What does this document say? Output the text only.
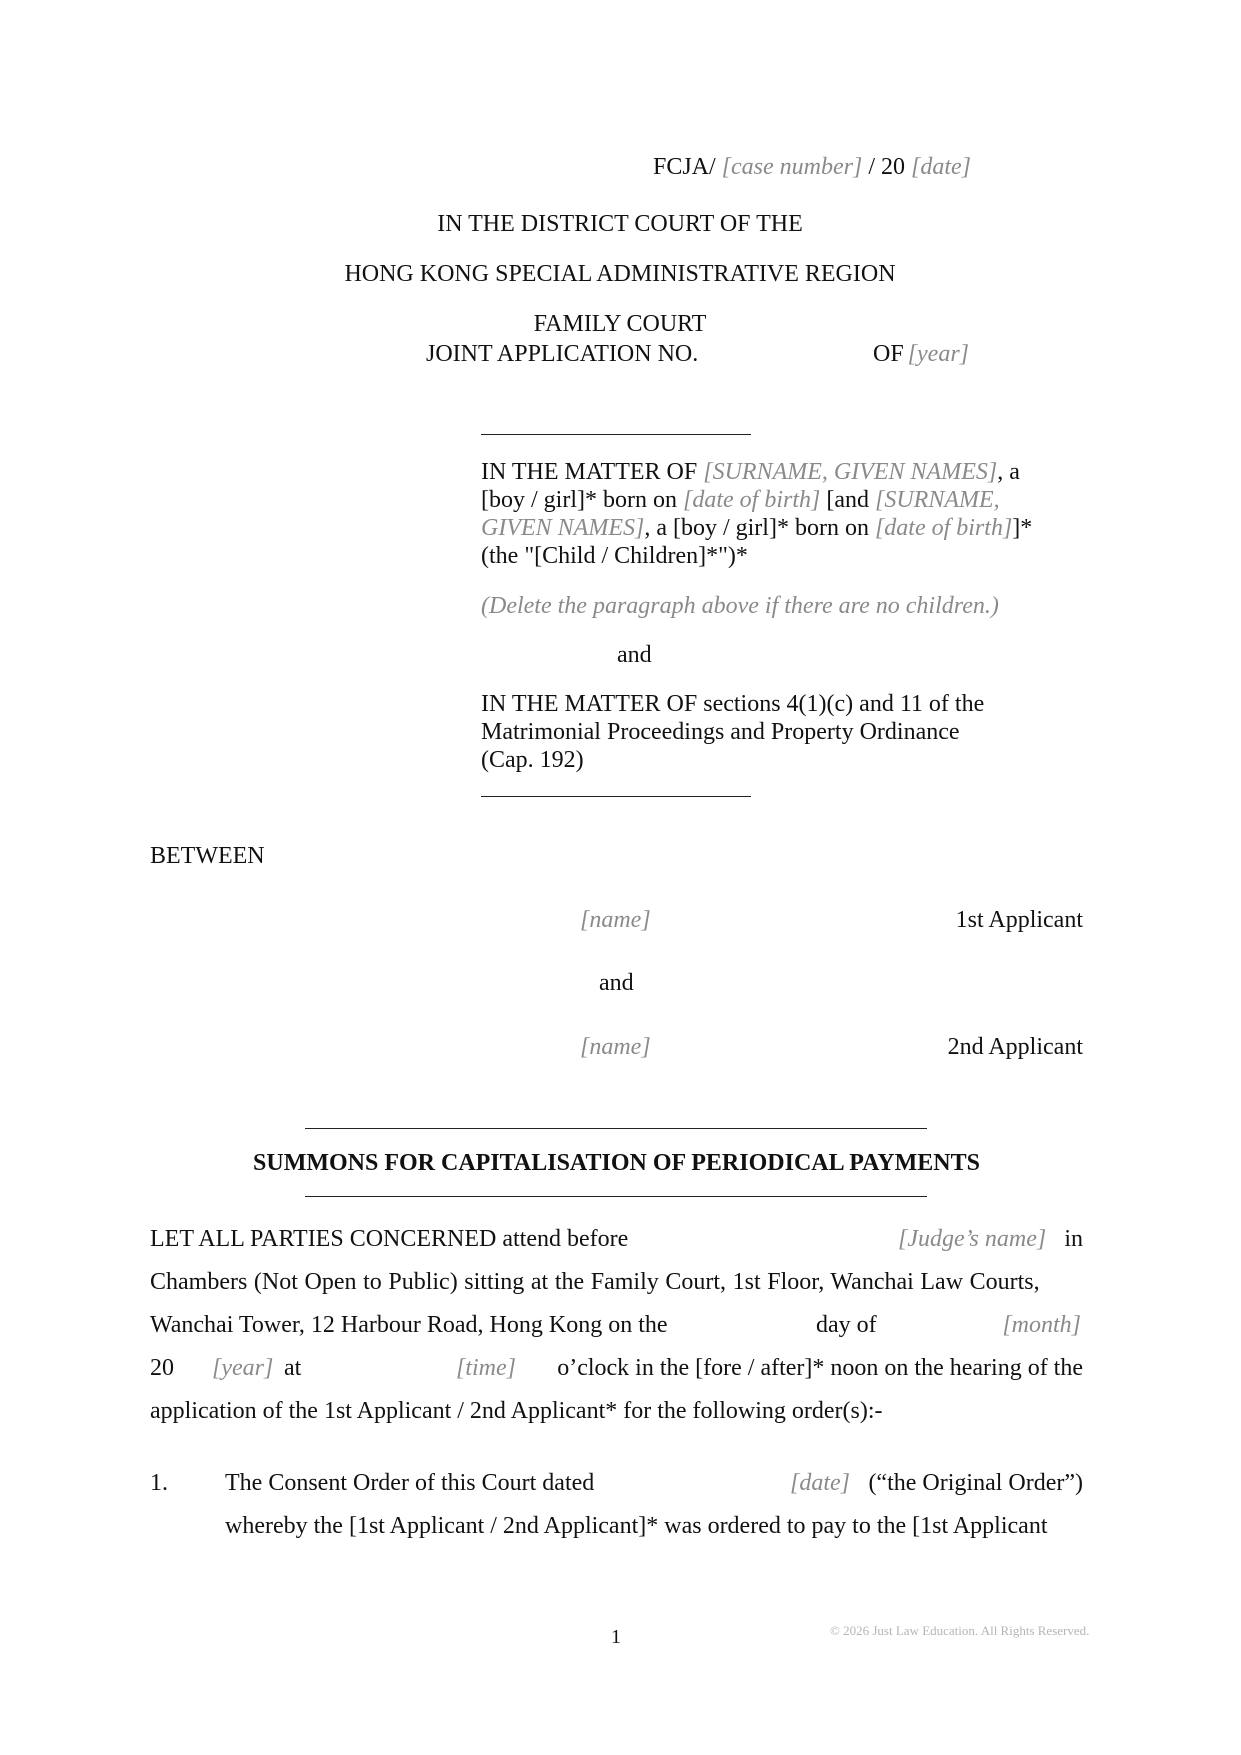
FCJA/ [case number] / 20 [date]
IN THE DISTRICT COURT OF THE
HONG KONG SPECIAL ADMINISTRATIVE REGION
FAMILY COURT
JOINT APPLICATION NO.	OF [year]
IN THE MATTER OF [SURNAME, GIVEN NAMES], a
[boy / girl]* born on [date of birth] [and [SURNAME,
GIVEN NAMES], a [boy / girl]* born on [date of birth]]*
(the "[Child / Children]*")*
(Delete the paragraph above if there are no children.)
and
IN THE MATTER OF sections 4(1)(c) and 11 of the
Matrimonial Proceedings and Property Ordinance
(Cap. 192)
BETWEEN
[name]	1st Applicant
and
[name]	2nd Applicant
SUMMONS FOR CAPITALISATION OF PERIODICAL PAYMENTS
LET ALL PARTIES CONCERNED attend before	[Judge’s name] in
Chambers (Not Open to Public) sitting at the Family Court, 1st Floor, Wanchai Law Courts,
Wanchai Tower, 12 Harbour Road, Hong Kong on the	day of	[month]
20 [year] at	[time] o’clock in the [fore / after]* noon on the hearing of the
application of the 1st Applicant / 2nd Applicant* for the following order(s):-
1. The Consent Order of this Court dated	[date] (“the Original Order”)
whereby the [1st Applicant / 2nd Applicant]* was ordered to pay to the [1st Applicant
1	© 2026 Just Law Education. All Rights Reserved.
